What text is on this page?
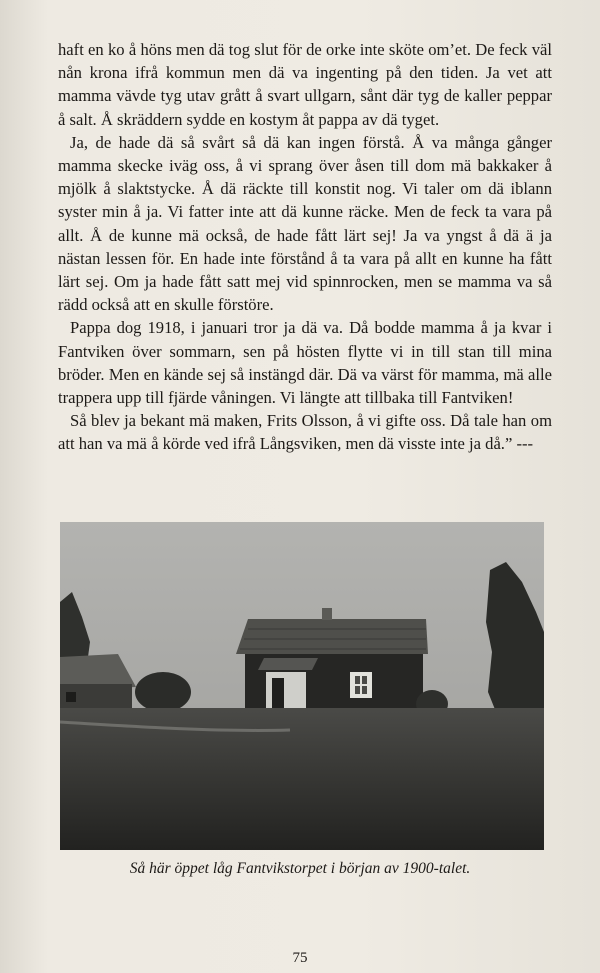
haft en ko å höns men dä tog slut för de orke inte sköte om’et. De feck väl nån krona ifrå kommun men dä va ingenting på den tiden. Ja vet att mamma vävde tyg utav grått å svart ullgarn, sånt där tyg de kaller peppar å salt. Å skräddern sydde en kostym åt pappa av dä tyget.

Ja, de hade dä så svårt så dä kan ingen förstå. Å va många gånger mamma skecke iväg oss, å vi sprang över åsen till dom mä bakkaker å mjölk å slaktstycke. Å dä räckte till konstit nog. Vi taler om dä iblann syster min å ja. Vi fatter inte att dä kunne räcke. Men de feck ta vara på allt. Å de kunne mä också, de hade fått lärt sej! Ja va yngst å dä ä ja nästan lessen för. En hade inte förstånd å ta vara på allt en kunne ha fått lärt sej. Om ja hade fått satt mej vid spinnrocken, men se mamma va så rädd också att en skulle förstöre.

Pappa dog 1918, i januari tror ja dä va. Då bodde mamma å ja kvar i Fantviken över sommarn, sen på hösten flytte vi in till stan till mina bröder. Men en kände sej så instängd där. Dä va värst för mamma, mä alle trappera upp till fjärde våningen. Vi längte att tillbaka till Fantviken!

Så blev ja bekant mä maken, Frits Olsson, å vi gifte oss. Då tale han om att han va mä å körde ved ifrå Långsviken, men dä visste inte ja då.” ---

Så här öppet låg Fantvikstorpet i början av 1900-talet.
75
